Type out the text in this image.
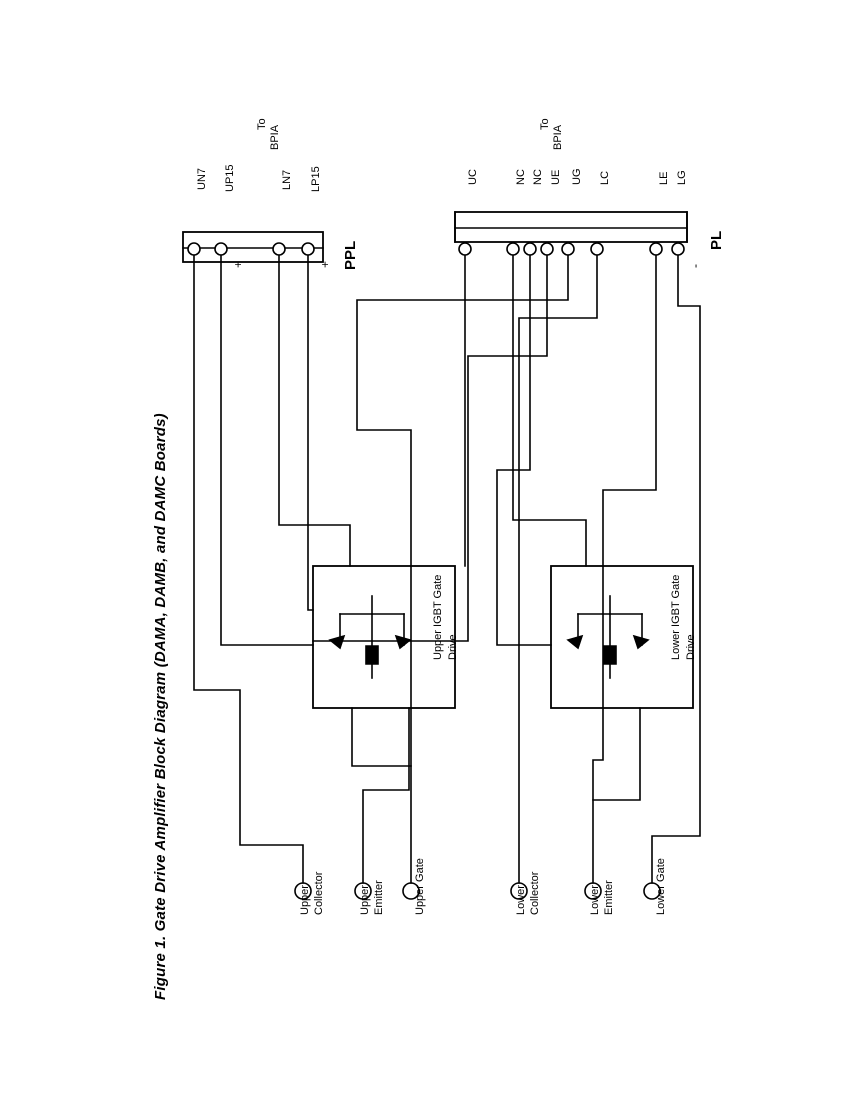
Figure 1. Gate Drive Amplifier Block Diagram (DAMA, DAMB, and DAMC Boards)
PL
PPL
To
BPIA
To
BPIA
LG
LE
LC
UG
UE
NC
NC
UC
LP15
LN7
UP15
UN7
+
+	-
Upper IGBT Gate Drive	Lower IGBT Gate Drive
Upper Collector	Upper Emitter	Upper Gate	Lower Collector	Lower Emitter	Lower Gate
